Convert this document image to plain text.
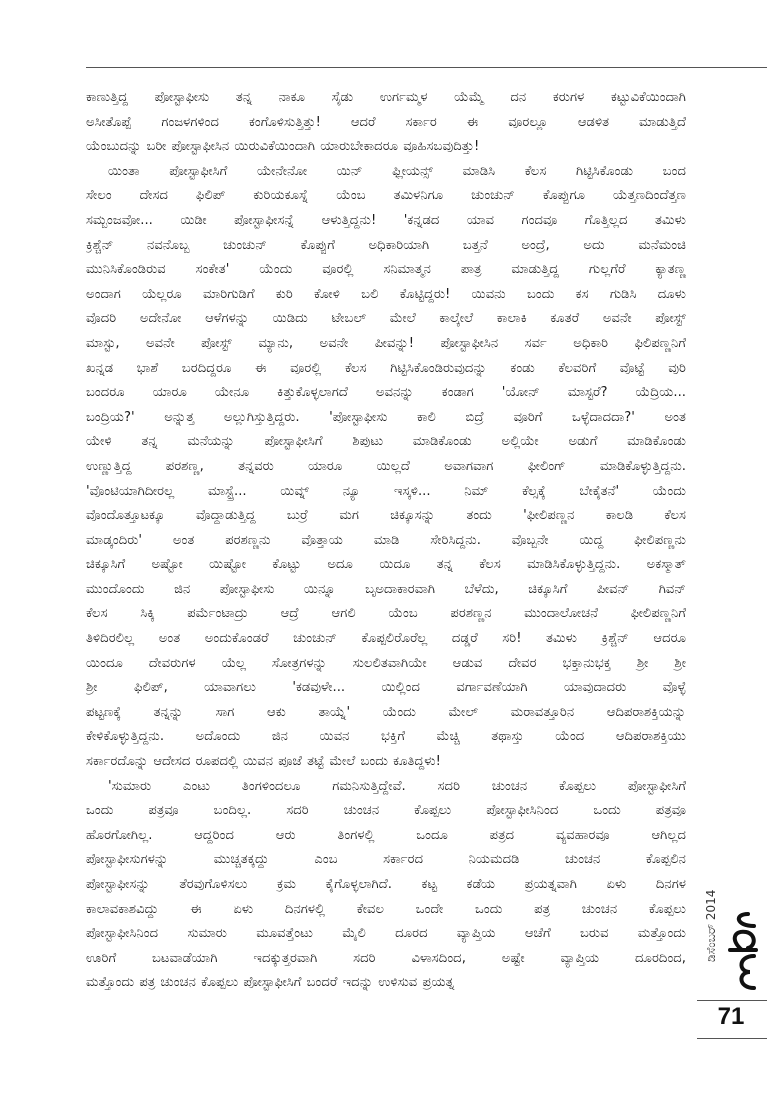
ಕಾಣುತ್ತಿದ್ದ ಪೋಸ್ಟಾಫೀಸು ತನ್ನ ನಾಕೂ ಸೈಡು ಉರ್ಗಮ್ಮಳ ಯೆಮ್ಮೆ ದನ ಕರುಗಳ ಕಟ್ಟುವಿಕೆಯಿಂದಾಗಿ
ಅಸೀತೊಪ್ಪೆ ಗಂಜಳಗಳಿಂದ ಕಂಗೊಳಿಸುತ್ತಿತ್ತು! ಆದರೆ ಸರ್ಕಾರ ಈ ವೂರಲ್ಲೂ ಆಡಳಿತ ಮಾಡುತ್ತಿದೆ
ಯೆಂಬುದನ್ನು ಬರೀ ಪೋಸ್ಟಾಫೀಸಿನ ಯಿರುವಿಕೆಯಿಂದಾಗಿ ಯಾರುಬೇಕಾದರೂ ವೂಹಿಸಬವುದಿತ್ತು!
ಯಿಂತಾ ಪೋಸ್ಟಾಫೀಸಿಗೆ ಯೇನೇನೋ ಯಿನ್ ಫ್ಲೀಯನ್ಸ್ ಮಾಡಿಸಿ ಕೆಲಸ ಗಿಟ್ಟಿಸಿಕೊಂಡು ಬಂದ
ಸೇಲಂ ದೇಸದ ಫಿಲಿಪ್ ಕುರಿಯಕೂಸ್ನೆ ಯೆಂಬ ತಮಿಳನಿಗೂ ಚುಂಚುನ್ ಕೊಪ್ಪುಗೂ ಯೆತ್ತಣದಿಂದೆತ್ತಣ
ಸಮ್ಬಂಜವೋ... ಯಿಡೀ ಪೋಸ್ಟಾಫೀಸನ್ನೆ ಆಳುತ್ತಿದ್ದನು! 'ಕನ್ನಡದ ಯಾವ ಗಂದವೂ ಗೊತ್ತಿಲ್ಲದ ತಮಿಳು
ಕ್ರಿಶ್ಚೆನ್ ನವನೊಬ್ಬ ಚುಂಚುನ್ ಕೊಪ್ಪುಗೆ ಅಧಿಕಾರಿಯಾಗಿ ಬತ್ತನೆ ಅಂದ್ರೆ, ಅದು ಮನೆಮಂಚಿ
ಮುನಿಸಿಕೊಂಡಿರುವ ಸಂಕೇತ' ಯೆಂದು ವೂರಲ್ಲಿ ಸನಿಮಾತ್ಮನ ಪಾತ್ರ ಮಾಡುತ್ತಿದ್ದ ಗುಲ್ಲಗೆರೆ ಕ್ಯಾತಣ್ಣ
ಅಂದಾಗ ಯೆಲ್ಲರೂ ಮಾರಿಗುಡಿಗೆ ಕುರಿ ಕೋಳಿ ಬಲಿ ಕೊಟ್ಟಿದ್ದರು! ಯಿವನು ಬಂದು ಕಸ ಗುಡಿಸಿ ದೂಳು
ವೊದರಿ ಅದೇನೋ ಆಳೆಗಳನ್ನು ಯಿಡಿದು ಟೇಬಲ್ ಮೇಲೆ ಕಾಲ್ಕೇಲೆ ಕಾಲಾಕಿ ಕೂತರೆ ಅವನೇ ಪೋಸ್ಟ್
ಮಾಸ್ಟು, ಅವನೇ ಪೋಸ್ಟ್ ಮ್ಯಾನು, ಅವನೇ ಪೀವನ್ನು! ಪೋಸ್ಟಾಫೀಸಿನ ಸರ್ವ ಅಧಿಕಾರಿ ಫಿಲಿಪಣ್ಣನಿಗೆ
ಖನ್ನಡ ಭಾಶೆ ಬರದಿದ್ದರೂ ಈ ವೂರಲ್ಲಿ ಕೆಲಸ ಗಿಟ್ಟಿಸಿಕೊಂಡಿರುವುದನ್ನು ಕಂಡು ಕೆಲವರಿಗೆ ವೊಟ್ಟೆ ವುರಿ
ಬಂದರೂ ಯಾರೂ ಯೇನೂ ಕಿತ್ತುಕೊಳ್ಳಲಾಗದೆ ಅವನನ್ನು ಕಂಡಾಗ 'ಯೋನ್ ಮಾಸ್ಟರೆ? ಯೆದ್ರಿಯ...
ಬಂದ್ರಿಯ?' ಅನ್ನುತ್ತ ಅಲ್ಲುಗಿಸ್ತುತ್ತಿದ್ದರು. 'ಪೋಸ್ಟಾಫೀಸು ಕಾಲಿ ಬಿದ್ರೆ ವೂರಿಗೆ ಒಳ್ಳೆದಾದದಾ?' ಅಂತ
ಯೇಳಿ ತನ್ನ ಮನೆಯನ್ನು ಪೋಸ್ಟಾಫೀಸಿಗೆ ಶಿಪುಟು ಮಾಡಿಕೊಂಡು ಅಲ್ಲಿಯೇ ಅಡುಗೆ ಮಾಡಿಕೊಂಡು
ಉಣ್ಣುತ್ತಿದ್ದ ಪರಶಣ್ಣ, ತನ್ನವರು ಯಾರೂ ಯಿಲ್ಲದೆ ಅವಾಗವಾಗ ಫೀಲಿಂಗ್ ಮಾಡಿಕೊಳ್ಳುತ್ತಿದ್ದನು.
'ವೊಂಟಿಯಾಗಿದೀರಲ್ಲ ಮಾಸ್ಟ್ರೆ... ಯಿವ್ನ್ ನ್ಯೂ ಇಸ್ಕಳಿ... ನಿಮ್ ಕೆಲ್ಸಕ್ಕೆ ಬೇಕೈತನೆ' ಯೆಂದು
ವೊಂದೊತ್ತೂಟಕ್ಕೂ ವೊದ್ದಾಡುತ್ತಿದ್ದ ಬುರ್ರೆ ಮಗ ಚಿಕ್ಕೂಸನ್ನು ತಂದು 'ಫೀಲಿಪಣ್ಣನ ಕಾಲಡಿ ಕೆಲಸ
ಮಾಡ್ಕಂದಿರು' ಅಂತ ಪರಶಣ್ಣನು ವೊತ್ತಾಯ ಮಾಡಿ ಸೇರಿಸಿದ್ದನು. ವೊಬ್ಬನೇ ಯಿದ್ದ ಫೀಲಿಪಣ್ಣನು
ಚಿಕ್ಕೂಸಿಗೆ ಅಷ್ಟೋ ಯಿಷ್ಟೋ ಕೊಟ್ಟು ಅದೂ ಯಿದೂ ತನ್ನ ಕೆಲಸ ಮಾಡಿಸಿಕೊಳ್ಳುತ್ತಿದ್ದನು. ಅಕಸ್ಮಾತ್
ಮುಂದೊಂದು ಜಿನ ಪೋಸ್ಟಾಫೀಸು ಯಿನ್ನೂ ಬೃಅದಾಕಾರವಾಗಿ ಬೆಳೆದು, ಚಿಕ್ಕೂಸಿಗೆ ಪೀವನ್ ಗಿವನ್
ಕೆಲಸ ಸಿಕ್ಕಿ ಪರ್ಮೆಂಟಾದ್ರು ಆದ್ರೆ ಆಗಲಿ ಯೆಂಬ ಪರಶಣ್ಣನ ಮುಂದಾಲೋಚನೆ ಫೀಲಿಪಣ್ಣನಿಗೆ
ತಿಳಿದಿರಲಿಲ್ಲ ಅಂತ ಅಂದುಕೊಂಡರೆ ಚುಂಚುನ್ ಕೊಪ್ಪಲಿರೊರೆಲ್ಲ ದಡ್ಡರೆ ಸರಿ! ತಮಿಳು ಕ್ರಿಶ್ಚೆನ್ ಆದರೂ
ಯಿಂದೂ ದೇವರುಗಳ ಯೆಲ್ಲ ಸೋತ್ರಗಳನ್ನು ಸುಲಲಿತವಾಗಿಯೇ ಆಡುವ ದೇವರ ಭಕ್ತಾನುಭಕ್ತ ಶ್ರೀ ಶ್ರೀ
ಶ್ರೀ ಫಿಲಿಪ್, ಯಾವಾಗಲು 'ಕಡವುಳೇ... ಯಿಲ್ಲಿಂದ ವರ್ಗಾವಣೆಯಾಗಿ ಯಾವುದಾದರು ವೊಳ್ಳೆ
ಪಟ್ಟಣಕ್ಕೆ ತನ್ನನ್ನು ಸಾಗ ಆಕು ತಾಯ್ನೆ' ಯೆಂದು ಮೇಲ್ ಮರಾವತ್ತೂರಿನ ಆದಿಪರಾಶಕ್ತಿಯನ್ನು
ಕೇಳಿಕೊಳ್ಳುತ್ತಿದ್ದನು. ಅದೊಂದು ಜಿನ ಯಿವನ ಭಕ್ತಿಗೆ ಮೆಚ್ಚಿ ತಥಾಸ್ತು ಯೆಂದ ಆದಿಪರಾಶಕ್ತಿಯು
ಸರ್ಕಾರದೊನ್ನು ಆದೇಸದ ರೂಪದಲ್ಲಿ ಯಿವನ ಪೂಜೆ ತಟ್ಟೆ ಮೇಲೆ ಬಂದು ಕೂತಿದ್ದಳು!
'ಸುಮಾರು ಎಂಟು ತಿಂಗಳಿಂದಲೂ ಗಮನಿಸುತ್ತಿದ್ದೇವೆ. ಸದರಿ ಚುಂಚನ ಕೊಪ್ಪಲು ಪೋಸ್ಟಾಫೀಸಿಗೆ
ಒಂದು ಪತ್ರವೂ ಬಂದಿಲ್ಲ. ಸದರಿ ಚುಂಚನ ಕೊಪ್ಪಲು ಪೋಸ್ಟಾಫೀಸಿನಿಂದ ಒಂದು ಪತ್ರವೂ
ಹೊರಗೋಗಿಲ್ಲ. ಆದ್ದರಿಂದ ಆರು ತಿಂಗಳಲ್ಲಿ ಒಂದೂ ಪತ್ರದ ವ್ಯವಹಾರವೂ ಆಗಿಲ್ಲದ
ಪೋಸ್ಟಾಫೀಸುಗಳನ್ನು ಮುಚ್ಚತಕ್ಕದ್ದು ಎಂಬ ಸರ್ಕಾರದ ನಿಯಮದಡಿ ಚುಂಚನ ಕೊಪ್ಪಲಿನ
ಪೋಸ್ಟಾಫೀಸನ್ನು ತೆರವುಗೊಳಿಸಲು ಕ್ರಮ ಕೈಗೊಳ್ಳಲಾಗಿದೆ. ಕಟ್ಟ ಕಡೆಯ ಪ್ರಯತ್ನವಾಗಿ ಏಳು ದಿನಗಳ
ಕಾಲಾವಕಾಶವಿದ್ದು ಈ ಏಳು ದಿನಗಳಲ್ಲಿ ಕೇವಲ ಒಂದೇ ಒಂದು ಪತ್ರ ಚುಂಚನ ಕೊಪ್ಪಲು
ಪೋಸ್ಟಾಫೀಸಿನಿಂದ ಸುಮಾರು ಮೂವತ್ತೆಂಟು ಮೈಲಿ ದೂರದ ವ್ಯಾಪ್ತಿಯ ಆಚೆಗೆ ಬರುವ ಮತ್ತೊಂದು
ಊರಿಗೆ ಬಟವಾಡೆಯಾಗಿ ಇದಕ್ಕುತ್ತರವಾಗಿ ಸದರಿ ವಿಳಾಸದಿಂದ, ಅಷ್ಟೇ ವ್ಯಾಪ್ತಿಯ ದೂರದಿಂದ,
ಮತ್ತೊಂದು ಪತ್ರ ಚುಂಚನ ಕೊಪ್ಪಲು ಪೋಸ್ಟಾಫೀಸಿಗೆ ಬಂದರೆ ಇದನ್ನು ಉಳಿಸುವ ಪ್ರಯತ್ನ
ಡಿಸೆಂಬರ್ 2014
71
